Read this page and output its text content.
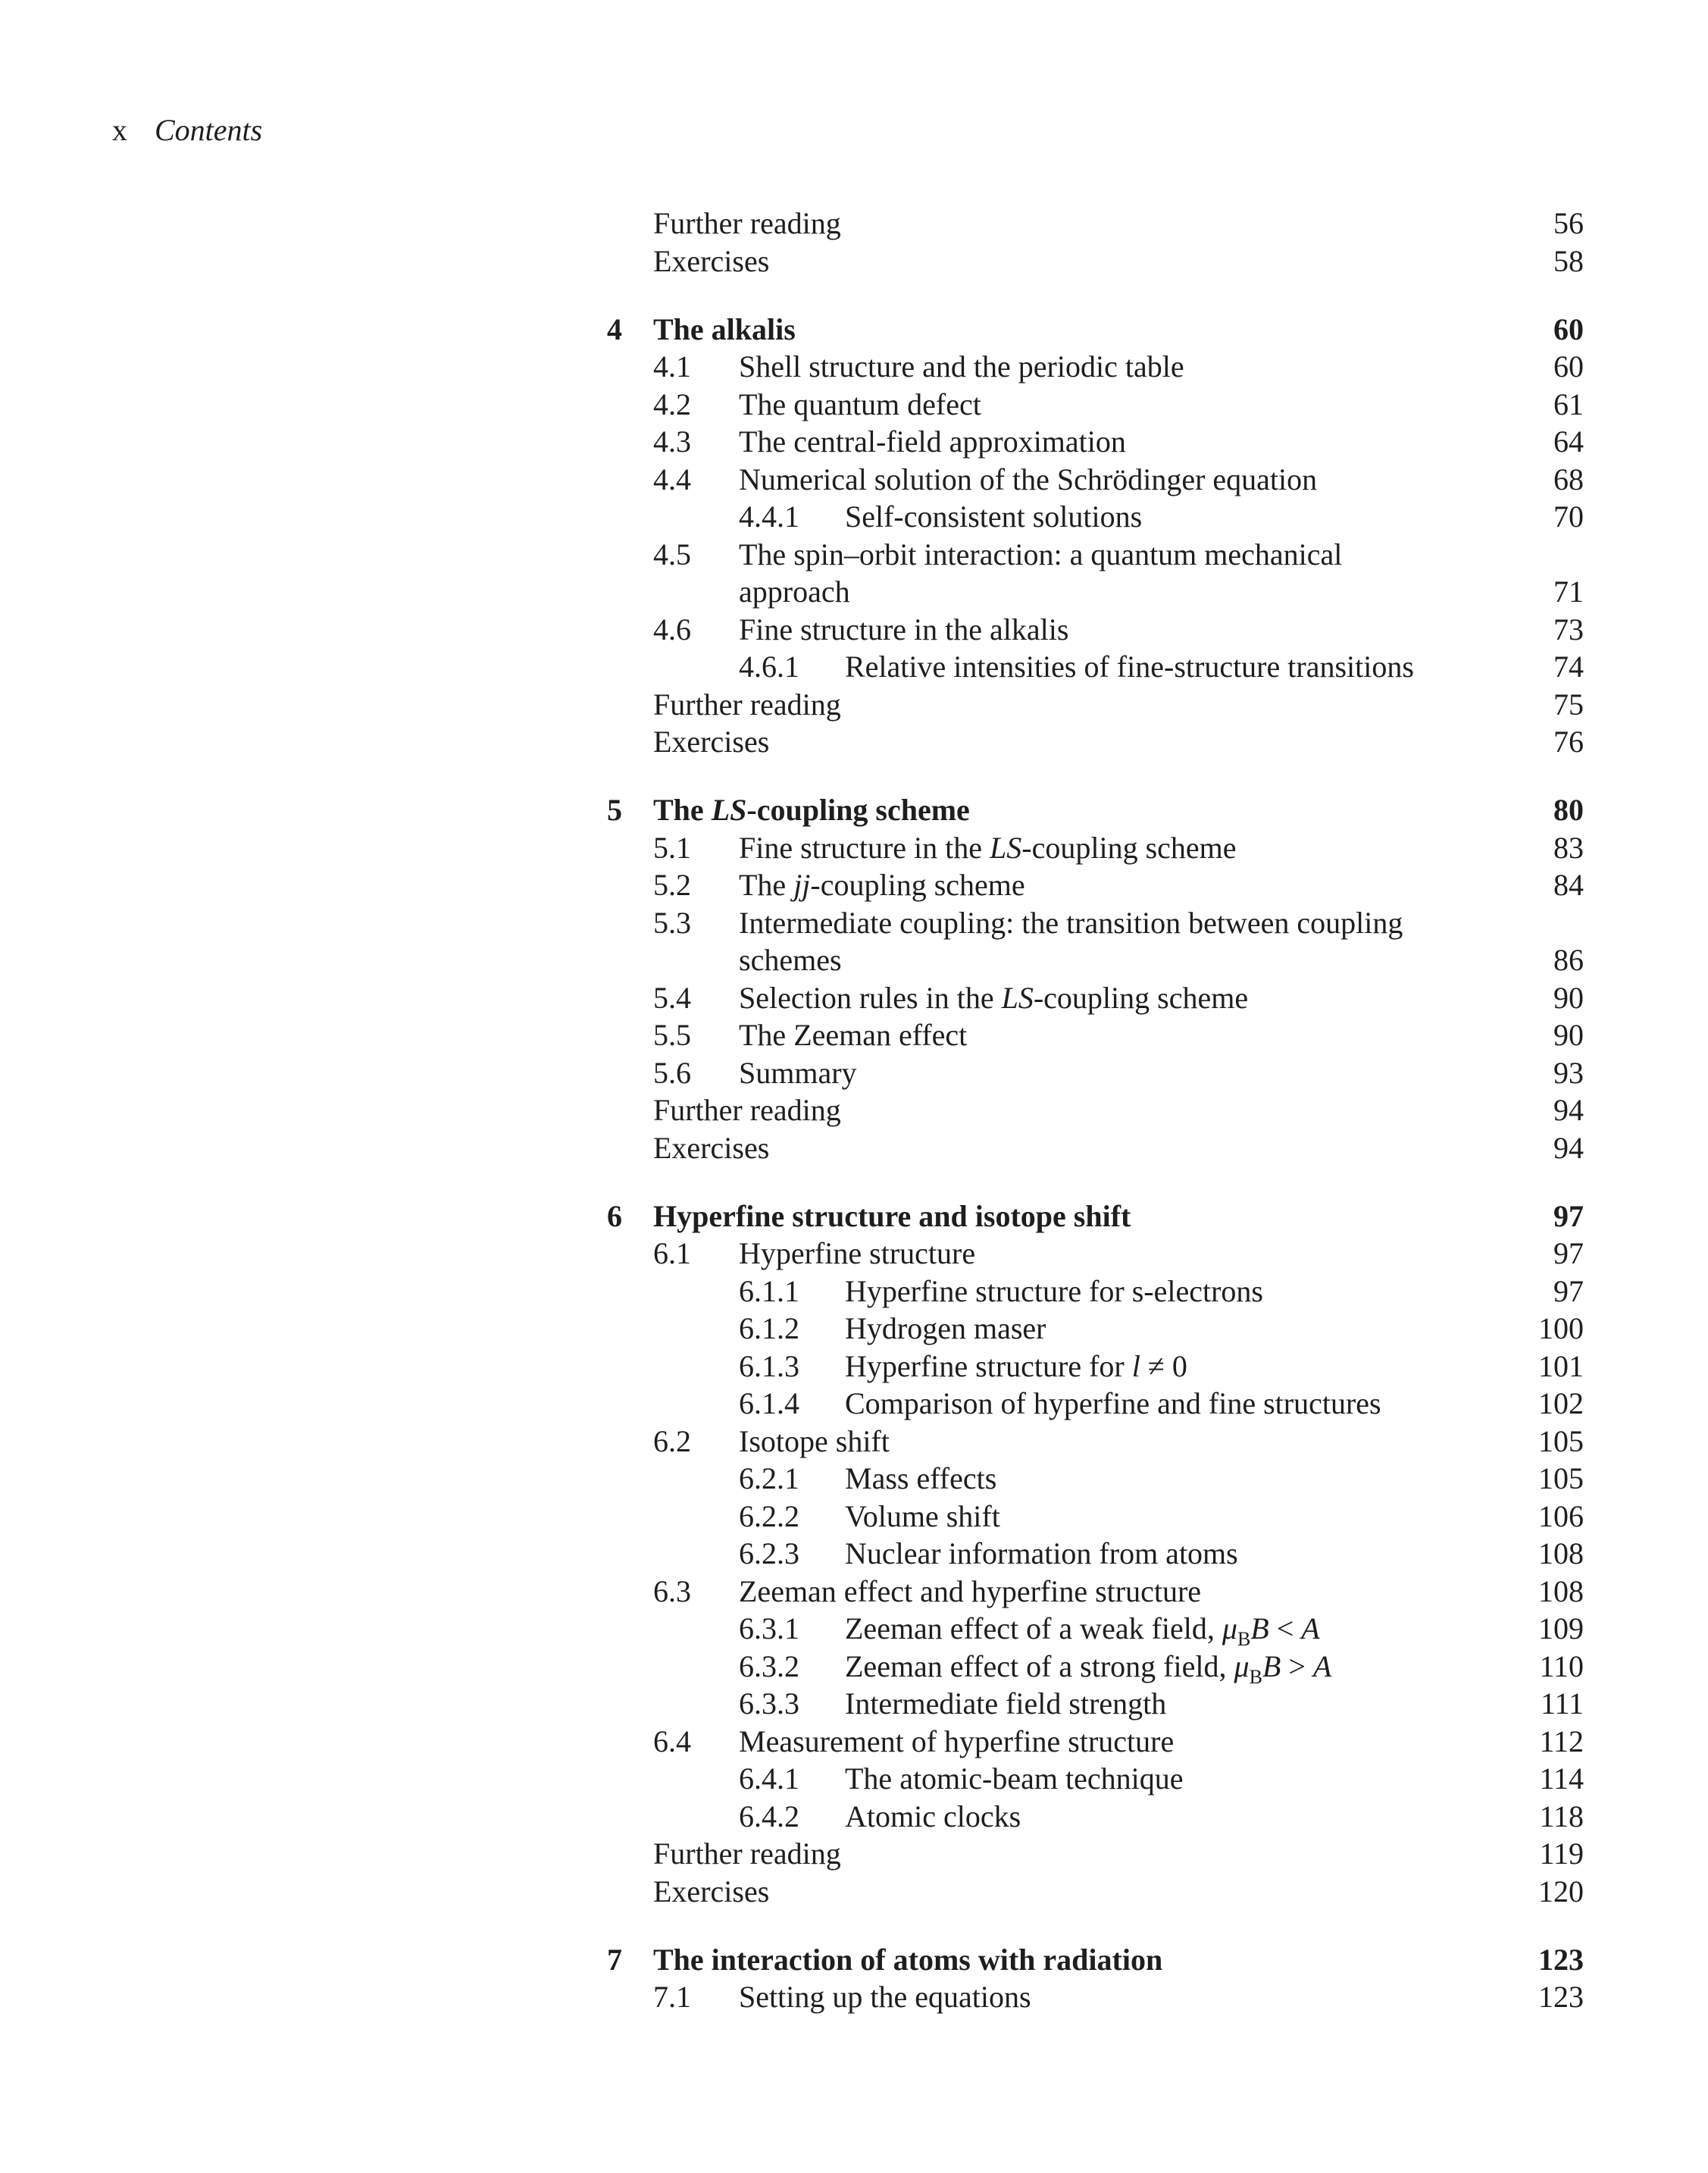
x Contents
Further reading	56
Exercises	58
4 The alkalis	60
4.1 Shell structure and the periodic table	60
4.2 The quantum defect	61
4.3 The central-field approximation	64
4.4 Numerical solution of the Schrödinger equation	68
4.4.1 Self-consistent solutions	70
4.5 The spin–orbit interaction: a quantum mechanical
approach	71
4.6 Fine structure in the alkalis	73
4.6.1 Relative intensities of fine-structure transitions	74
Further reading	75
Exercises	76
5 The LS-coupling scheme	80
5.1 Fine structure in the LS-coupling scheme	83
5.2 The jj-coupling scheme	84
5.3 Intermediate coupling: the transition between coupling
schemes	86
5.4 Selection rules in the LS-coupling scheme	90
5.5 The Zeeman effect	90
5.6 Summary	93
Further reading	94
Exercises	94
6 Hyperfine structure and isotope shift	97
6.1 Hyperfine structure	97
6.1.1 Hyperfine structure for s-electrons	97
6.1.2 Hydrogen maser	100
6.1.3 Hyperfine structure for l ≠ 0	101
6.1.4 Comparison of hyperfine and fine structures	102
6.2 Isotope shift	105
6.2.1 Mass effects	105
6.2.2 Volume shift	106
6.2.3 Nuclear information from atoms	108
6.3 Zeeman effect and hyperfine structure	108
6.3.1 Zeeman effect of a weak field, $\mu_BB < A$	109
6.3.2 Zeeman effect of a strong field, $\mu_BB > A$	110
6.3.3 Intermediate field strength	111
6.4 Measurement of hyperfine structure	112
6.4.1 The atomic-beam technique	114
6.4.2 Atomic clocks	118
Further reading	119
Exercises	120
7 The interaction of atoms with radiation	123
7.1 Setting up the equations	123
